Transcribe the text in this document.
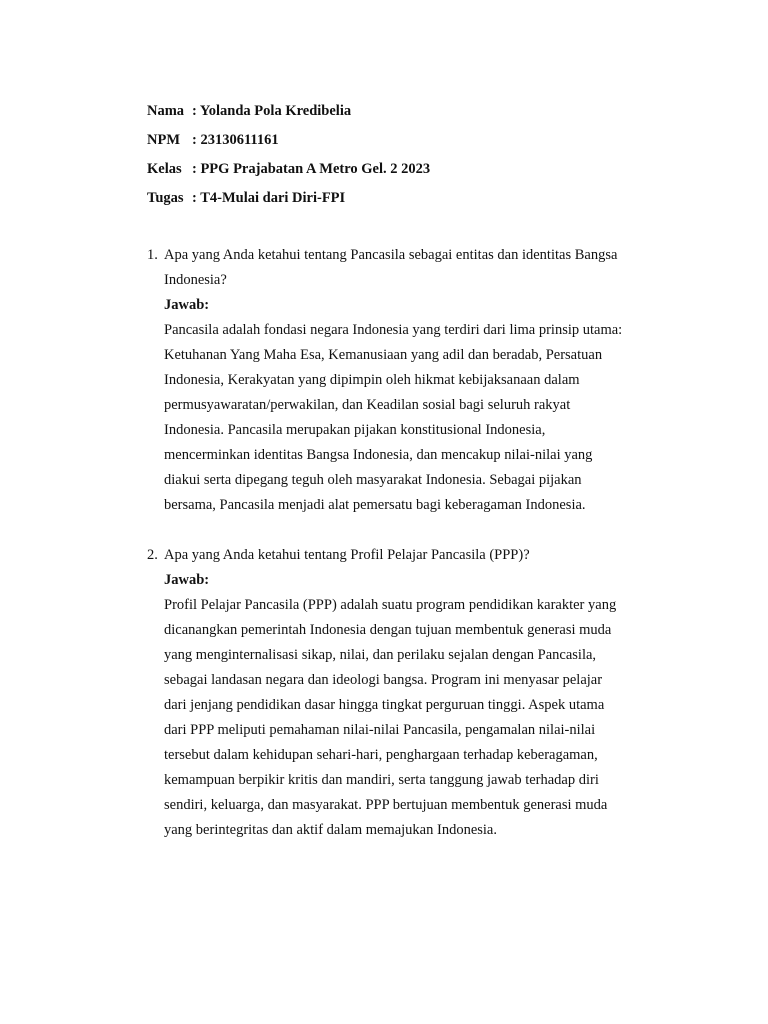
Nama : Yolanda Pola Kredibelia
NPM : 23130611161
Kelas : PPG Prajabatan A Metro Gel. 2 2023
Tugas : T4-Mulai dari Diri-FPI
1. Apa yang Anda ketahui tentang Pancasila sebagai entitas dan identitas Bangsa
Indonesia?
Jawab:
Pancasila adalah fondasi negara Indonesia yang terdiri dari lima prinsip utama:
Ketuhanan Yang Maha Esa, Kemanusiaan yang adil dan beradab, Persatuan
Indonesia, Kerakyatan yang dipimpin oleh hikmat kebijaksanaan dalam
permusyawaratan/perwakilan, dan Keadilan sosial bagi seluruh rakyat
Indonesia. Pancasila merupakan pijakan konstitusional Indonesia,
mencerminkan identitas Bangsa Indonesia, dan mencakup nilai-nilai yang
diakui serta dipegang teguh oleh masyarakat Indonesia. Sebagai pijakan
bersama, Pancasila menjadi alat pemersatu bagi keberagaman Indonesia.
2. Apa yang Anda ketahui tentang Profil Pelajar Pancasila (PPP)?
Jawab:
Profil Pelajar Pancasila (PPP) adalah suatu program pendidikan karakter yang
dicanangkan pemerintah Indonesia dengan tujuan membentuk generasi muda
yang menginternalisasi sikap, nilai, dan perilaku sejalan dengan Pancasila,
sebagai landasan negara dan ideologi bangsa. Program ini menyasar pelajar
dari jenjang pendidikan dasar hingga tingkat perguruan tinggi. Aspek utama
dari PPP meliputi pemahaman nilai-nilai Pancasila, pengamalan nilai-nilai
tersebut dalam kehidupan sehari-hari, penghargaan terhadap keberagaman,
kemampuan berpikir kritis dan mandiri, serta tanggung jawab terhadap diri
sendiri, keluarga, dan masyarakat. PPP bertujuan membentuk generasi muda
yang berintegritas dan aktif dalam memajukan Indonesia.
